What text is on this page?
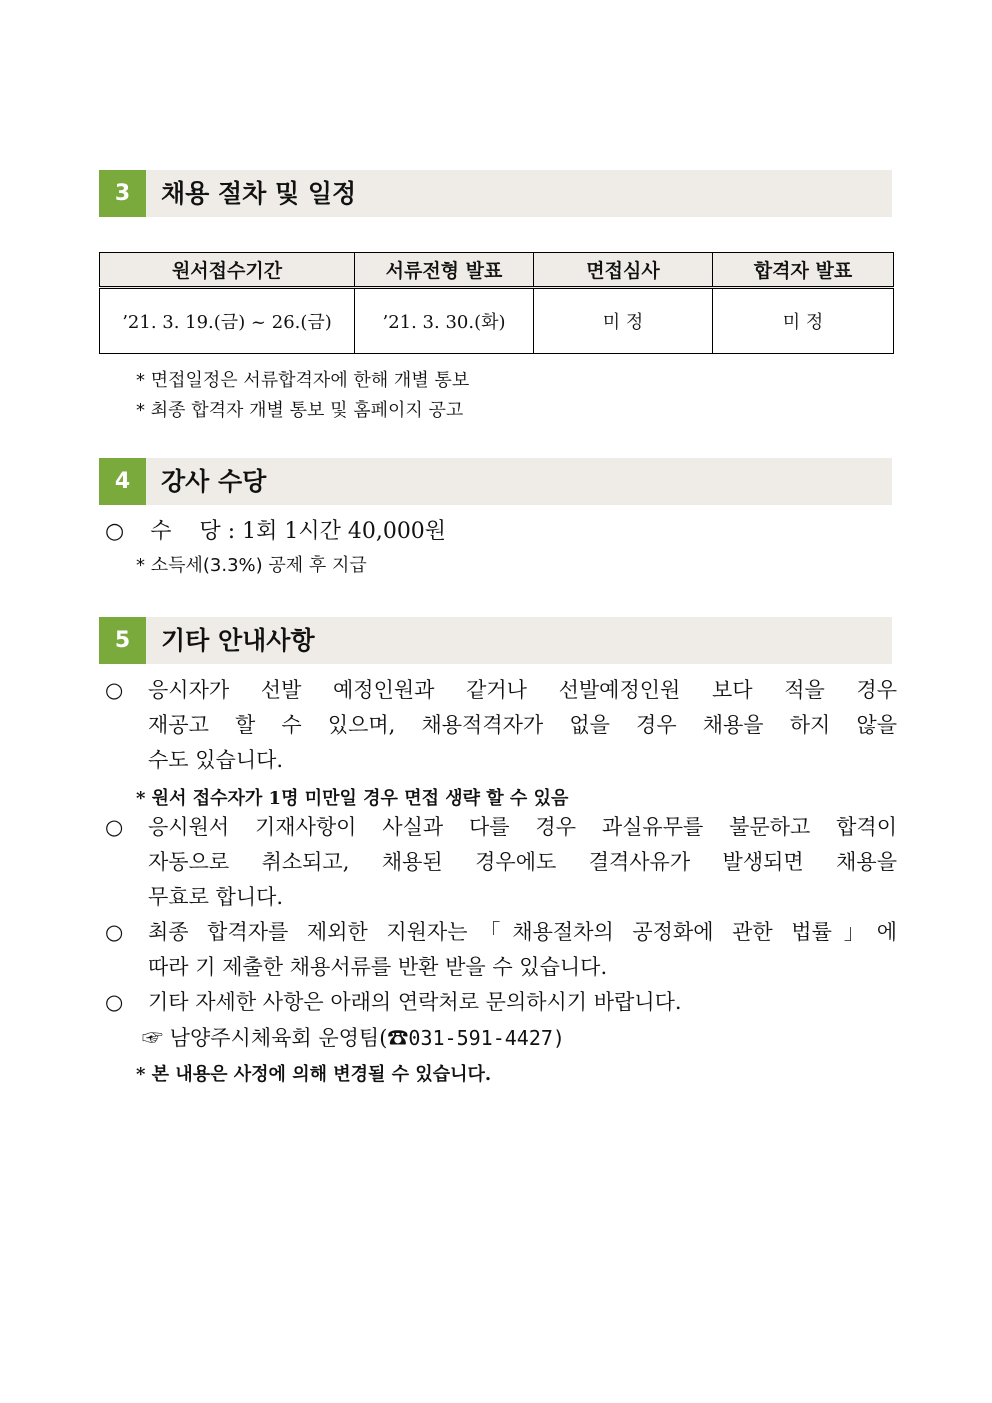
3	채용 절차 및 일정
원서접수기간	서류전형 발표	면접심사	합격자 발표
’21. 3. 19.(금) ~ 26.(금)	’21. 3. 30.(화)	미 정	미 정
* 면접일정은 서류합격자에 한해 개별 통보
* 최종 합격자 개별 통보 및 홈페이지 공고
4	강사 수당
○ 수    당 : 1회 1시간 40,000원
* 소득세(3.3%) 공제 후 지급
5	기타 안내사항
○	응시자가 선발 예정인원과 같거나 선발예정인원 보다 적을 경우
재공고 할 수 있으며, 채용적격자가 없을 경우 채용을 하지 않을
수도 있습니다.
* 원서 접수자가 1명 미만일 경우 면접 생략 할 수 있음
○	응시원서 기재사항이 사실과 다를 경우 과실유무를 불문하고 합격이
자동으로 취소되고, 채용된 경우에도 결격사유가 발생되면 채용을
무효로 합니다.
○	최종 합격자를 제외한 지원자는「채용절차의 공정화에 관한 법률」에
따라 기 제출한 채용서류를 반환 받을 수 있습니다.
○	기타 자세한 사항은 아래의 연락처로 문의하시기 바랍니다.
☞ 남양주시체육회 운영팀(☎031-591-4427)
* 본 내용은 사정에 의해 변경될 수 있습니다.
